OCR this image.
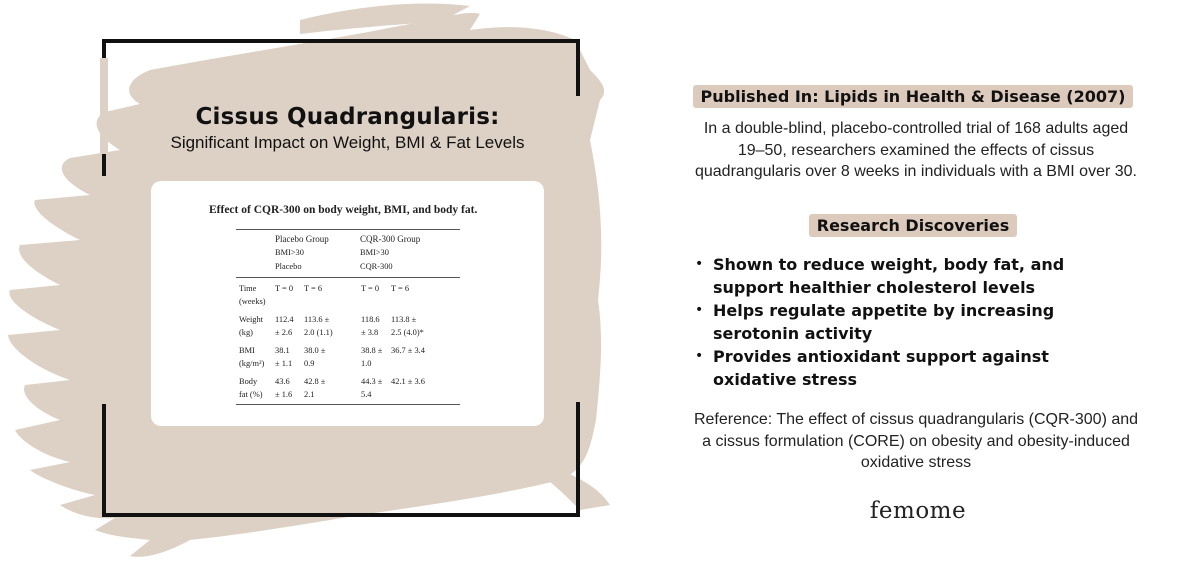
Cissus Quadrangularis:
Significant Impact on Weight, BMI & Fat Levels
Effect of CQR-300 on body weight, BMI, and body fat.
Placebo Group
BMI>30
Placebo
CQR-300 Group
BMI>30
CQR-300
Time
(weeks)
T = 0 T = 6	T = 0 T = 6
Weight
(kg)
112.4
± 2.6
113.6 ±
2.0 (1.1)
118.6
± 3.8
113.8 ±
2.5 (4.0)*
BMI
(kg/m²)
38.1
± 1.1
38.0 ±
0.9
38.8 ±
1.0
36.7 ± 3.4
Body
fat (%)
43.6
± 1.6
42.8 ±
2.1
44.3 ±
5.4
42.1 ± 3.6
Published In: Lipids in Health & Disease (2007)
In a double-blind, placebo-controlled trial of 168 adults aged 19–50, researchers examined the effects of cissus quadrangularis over 8 weeks in individuals with a BMI over 30.
Research Discoveries
• Shown to reduce weight, body fat, and support healthier cholesterol levels
• Helps regulate appetite by increasing serotonin activity
• Provides antioxidant support against oxidative stress
Reference: The effect of cissus quadrangularis (CQR-300) and a cissus formulation (CORE) on obesity and obesity-induced oxidative stress
femome
